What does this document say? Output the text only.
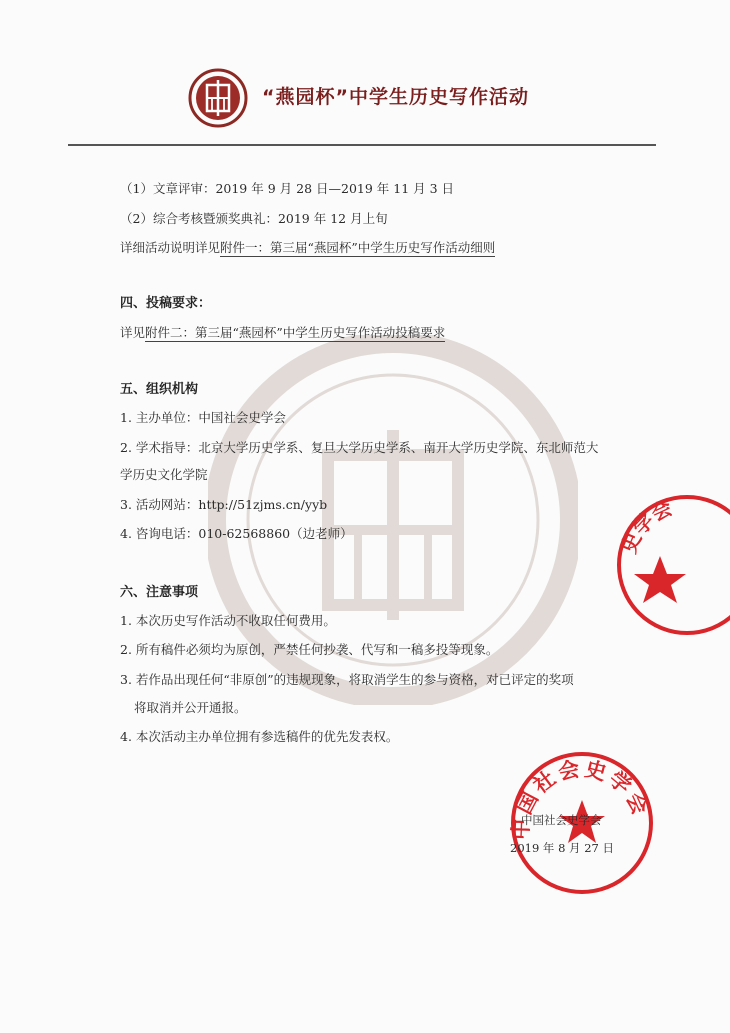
“燕园杯”中学生历史写作活动
（1）文章评审：2019 年 9 月 28 日—2019 年 11 月 3 日
（2）综合考核暨颁奖典礼：2019 年 12 月上旬
详细活动说明详见附件一：第三届“燕园杯”中学生历史写作活动细则
四、投稿要求：
详见附件二：第三届“燕园杯”中学生历史写作活动投稿要求
五、组织机构
1. 主办单位：中国社会史学会
2. 学术指导：北京大学历史学系、复旦大学历史学系、南开大学历史学院、东北师范大
学历史文化学院
3. 活动网站：http://51zjms.cn/yyb
4. 咨询电话：010-62568860（边老师）
六、注意事项
1. 本次历史写作活动不收取任何费用。
2. 所有稿件必须均为原创，严禁任何抄袭、代写和一稿多投等现象。
3. 若作品出现任何“非原创”的违规现象，将取消学生的参与资格，对已评定的奖项
将取消并公开通报。
4. 本次活动主办单位拥有参选稿件的优先发表权。
史学会
中国社会史学会
中国社会史学会
2019 年 8 月 27 日
